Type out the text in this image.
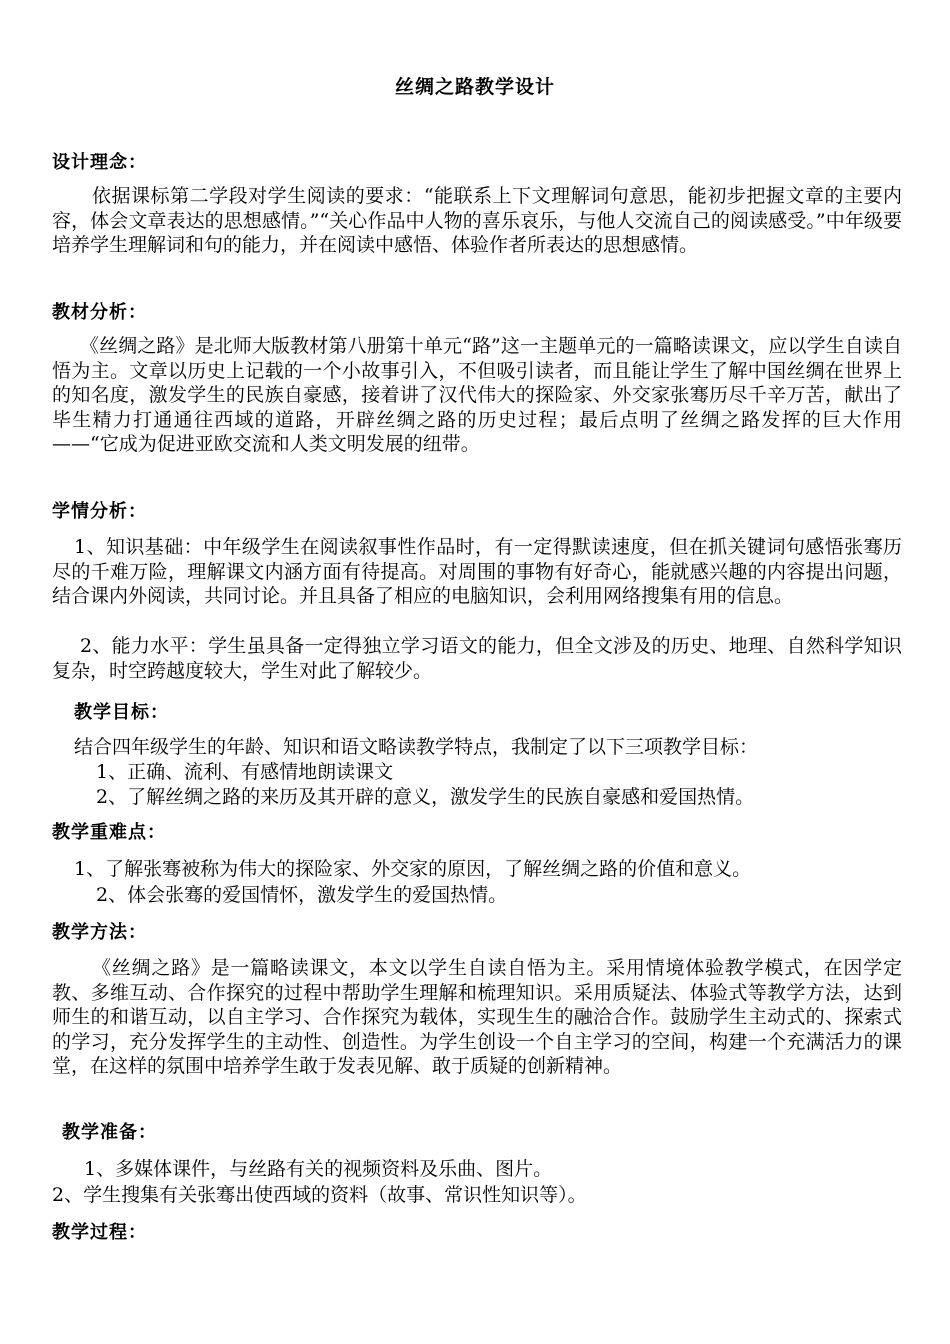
丝绸之路教学设计
设计理念：
依据课标第二学段对学生阅读的要求：“能联系上下文理解词句意思，能初步把握文章的主要内容，体会文章表达的思想感情。”“关心作品中人物的喜乐哀乐，与他人交流自己的阅读感受。”中年级要培养学生理解词和句的能力，并在阅读中感悟、体验作者所表达的思想感情。
教材分析：
《丝绸之路》是北师大版教材第八册第十单元“路”这一主题单元的一篇略读课文，应以学生自读自悟为主。文章以历史上记载的一个小故事引入，不但吸引读者，而且能让学生了解中国丝绸在世界上的知名度，激发学生的民族自豪感，接着讲了汉代伟大的探险家、外交家张骞历尽千辛万苦，献出了毕生精力打通通往西域的道路，开辟丝绸之路的历史过程；最后点明了丝绸之路发挥的巨大作用——“它成为促进亚欧交流和人类文明发展的纽带。
学情分析：
1、知识基础：中年级学生在阅读叙事性作品时，有一定得默读速度，但在抓关键词句感悟张骞历尽的千难万险，理解课文内涵方面有待提高。对周围的事物有好奇心，能就感兴趣的内容提出问题，结合课内外阅读，共同讨论。并且具备了相应的电脑知识，会利用网络搜集有用的信息。
2、能力水平：学生虽具备一定得独立学习语文的能力，但全文涉及的历史、地理、自然科学知识复杂，时空跨越度较大，学生对此了解较少。
教学目标：
结合四年级学生的年龄、知识和语文略读教学特点，我制定了以下三项教学目标：
1、正确、流利、有感情地朗读课文
2、了解丝绸之路的来历及其开辟的意义，激发学生的民族自豪感和爱国热情。
教学重难点：
1、了解张骞被称为伟大的探险家、外交家的原因，了解丝绸之路的价值和意义。
2、体会张骞的爱国情怀，激发学生的爱国热情。
教学方法：
《丝绸之路》是一篇略读课文，本文以学生自读自悟为主。采用情境体验教学模式，在因学定教、多维互动、合作探究的过程中帮助学生理解和梳理知识。采用质疑法、体验式等教学方法，达到师生的和谐互动，以自主学习、合作探究为载体，实现生生的融洽合作。鼓励学生主动式的、探索式的学习，充分发挥学生的主动性、创造性。为学生创设一个自主学习的空间，构建一个充满活力的课堂，在这样的氛围中培养学生敢于发表见解、敢于质疑的创新精神。
教学准备：
1、多媒体课件，与丝路有关的视频资料及乐曲、图片。
2、学生搜集有关张骞出使西域的资料（故事、常识性知识等）。
教学过程：
